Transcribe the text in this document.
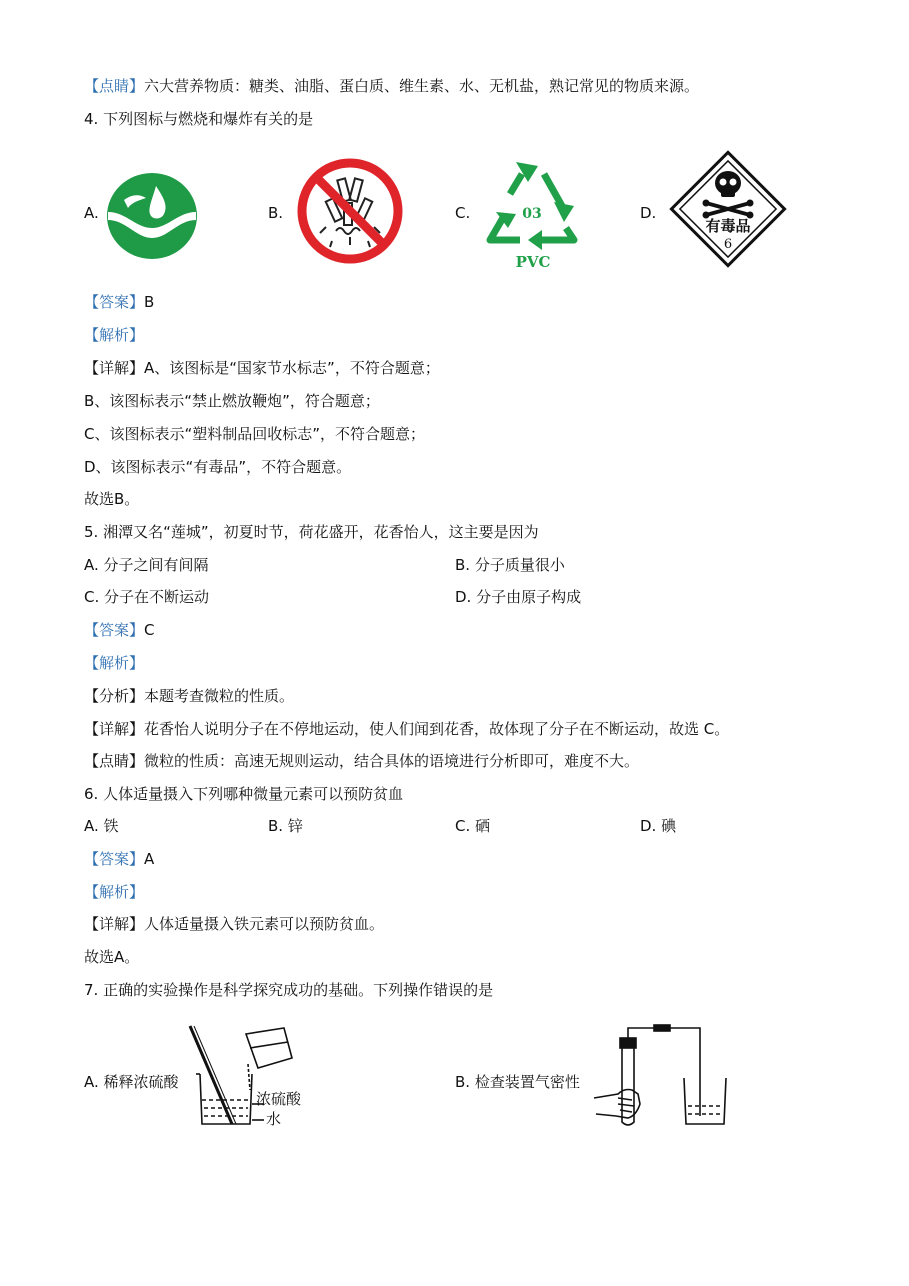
【点睛】六大营养物质：糖类、油脂、蛋白质、维生素、水、无机盐，熟记常见的物质来源。
4. 下列图标与燃烧和爆炸有关的是
A.	B.	C.	03
PVC
D.
有毒品
6
【答案】B
【解析】
【详解】A、该图标是“国家节水标志”，不符合题意；
B、该图标表示“禁止燃放鞭炮”，符合题意；
C、该图标表示“塑料制品回收标志”，不符合题意；
D、该图标表示“有毒品”，不符合题意。
故选B。
5. 湘潭又名“莲城”，初夏时节，荷花盛开，花香怡人，这主要是因为
A. 分子之间有间隔	B. 分子质量很小
C. 分子在不断运动	D. 分子由原子构成
【答案】C
【解析】
【分析】本题考查微粒的性质。
【详解】花香怡人说明分子在不停地运动，使人们闻到花香，故体现了分子在不断运动，故选 C。
【点睛】微粒的性质：高速无规则运动，结合具体的语境进行分析即可，难度不大。
6. 人体适量摄入下列哪种微量元素可以预防贫血
A. 铁	B. 锌	C. 硒	D. 碘
【答案】A
【解析】
【详解】人体适量摄入铁元素可以预防贫血。
故选A。
7. 正确的实验操作是科学探究成功的基础。下列操作错误的是
A. 稀释浓硫酸
浓硫酸
水
B. 检查装置气密性
